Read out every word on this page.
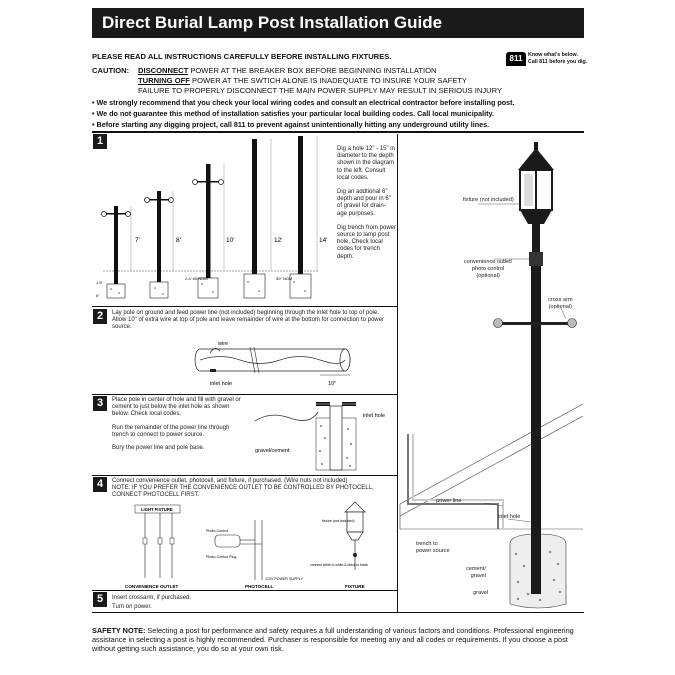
Direct Burial Lamp Post Installation Guide
PLEASE READ ALL INSTRUCTIONS CAREFULLY BEFORE INSTALLING FIXTURES.
CAUTION: DISCONNECT POWER AT THE BREAKER BOX BEFORE BEGINNING INSTALLATION
TURNING OFF POWER AT THE SWTICH ALONE IS INADEQUATE TO INSURE YOUR SAFETY
FAILURE TO PROPERLY DISCONNECT THE MAIN POWER SUPPLY MAY RESULT IN SERIOUS INJURY
811	Know what's below.
Call 811 before you dig.
• We strongly recommend that you check your local wiring codes and consult an electrical contractor before installing post.
• We do not guarantee this method of installation satisfies your particular local building codes. Call local municipality.
• Before starting any digging project, call 811 to prevent against unintentionally hitting any underground utility lines.
1
Dig a hole 12" - 15" in diameter to the depth shown in the diagram to the left. Consult local codes.
Dig an addtional 6" depth and pour in 6" of gravel for drain- age purposes.
Dig trench from power source to lamp post hole. Check local codes for trench depth.
7'	8'	10'	12'	14'
1.5'
2-4' 60 NOM	30" NOM
6"
2	Lay pole on ground and feed power line (not included) beginning through the inlet hole to top of pole. Allow 10" of extra wire at top of pole and leave remainder of wire at the bottom for connection to power source.
wire
inlet hole	10"
3	Place pole in center of hole and fill with gravel or cement to just below the inlet hole as shown below. Check local codes.
Run the remainder of the power line through trench to connect to power source.
Bury the power line and pole base.
inlet hole
gravel/cement
4	Connect convenience outlet, photocell, and fixture, if purchased. (Wire nuts not included)
NOTE: IF YOU PREFER THE CONVENIENCE OUTLET TO BE CONTROLLED BY PHOTOCELL, CONNECT PHOTOCELL FIRST.
LIGHT FIXTURE
Photo-Control
Photo-Control Plug
120V POWER SUPPLY
fixture (not included)
connect white to white & black to black
CONVENIENCE OUTLET	PHOTOCELL	FIXTURE
5	Insert crossarm, if purchased.
Turn on power.
fixture (not included)
convenience outlet/
photo control
(optional)
cross arm
(optional)
power line
inlet hole
trench to
power source
cement/
gravel
gravel
SAFETY NOTE: Selecting a post for performance and safety requires a full understanding of various factors and conditions. Professional engineering assistance in selecting a post is highly recommended. Purchaser is responsible for meeting any and all codes or requirements. If you choose a post without getting such assistance, you do so at your own risk.
